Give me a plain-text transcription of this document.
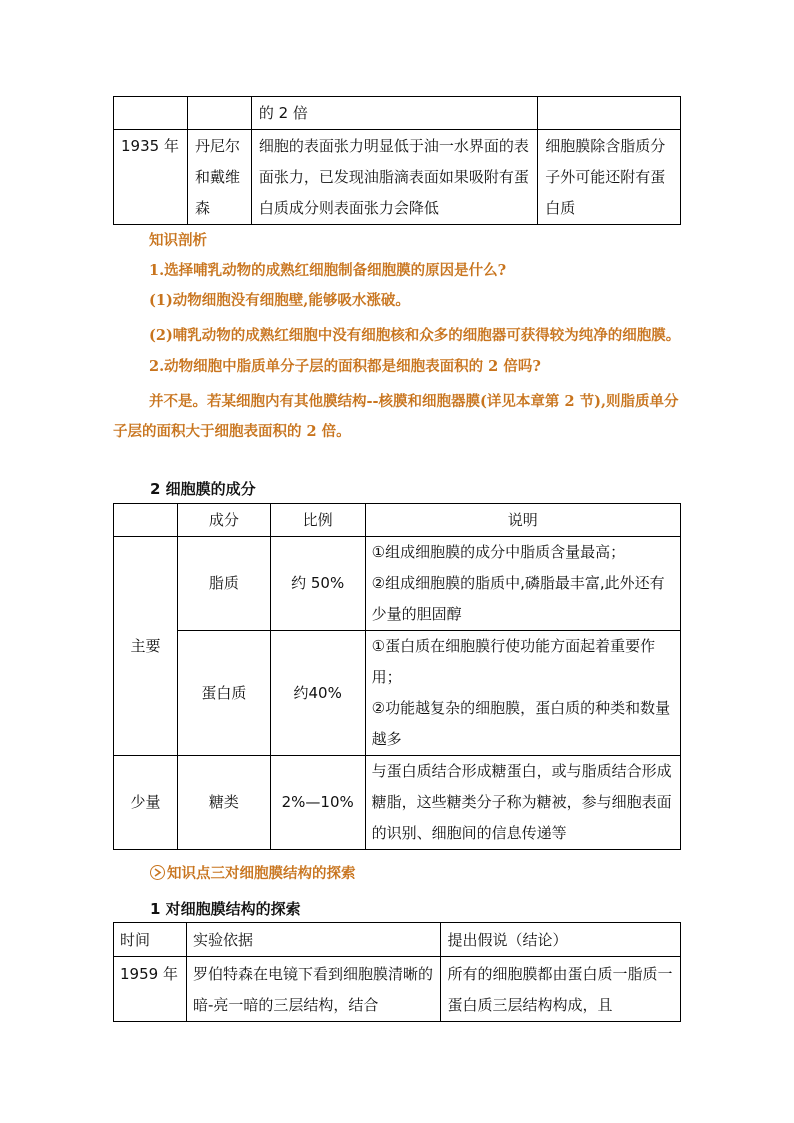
		的 2 倍	
1935 年	丹尼尔和戴维森	细胞的表面张力明显低于油一水界面的表面张力，已发现油脂滴表面如果吸附有蛋白质成分则表面张力会降低	细胞膜除含脂质分子外可能还附有蛋白质

知识剖析

1.选择哺乳动物的成熟红细胞制备细胞膜的原因是什么?

(1)动物细胞没有细胞壁,能够吸水涨破。

(2)哺乳动物的成熟红细胞中没有细胞核和众多的细胞器可获得较为纯净的细胞膜。

2.动物细胞中脂质单分子层的面积都是细胞表面积的 2 倍吗?

并不是。若某细胞内有其他膜结构--核膜和细胞器膜(详见本章第 2 节),则脂质单分子层的面积大于细胞表面积的 2 倍。

2 细胞膜的成分
	成分	比例	说明
主要	脂质	约 50%	①组成细胞膜的成分中脂质含量最高；
②组成细胞膜的脂质中,磷脂最丰富,此外还有少量的胆固醇

	蛋白质	约40%	①蛋白质在细胞膜行使功能方面起着重要作用；
②功能越复杂的细胞膜，蛋白质的种类和数量越多

少量	糖类	2%—10%	与蛋白质结合形成糖蛋白，或与脂质结合形成糖脂，这些糖类分子称为糖被，参与细胞表面的识别、细胞间的信息传递等
知识点三对细胞膜结构的探索
1 对细胞膜结构的探索
时间	实验依据	提出假说（结论）
1959 年	罗伯特森在电镜下看到细胞膜清晰的暗-亮一暗的三层结构，结合	所有的细胞膜都由蛋白质一脂质一蛋白质三层结构构成，且
